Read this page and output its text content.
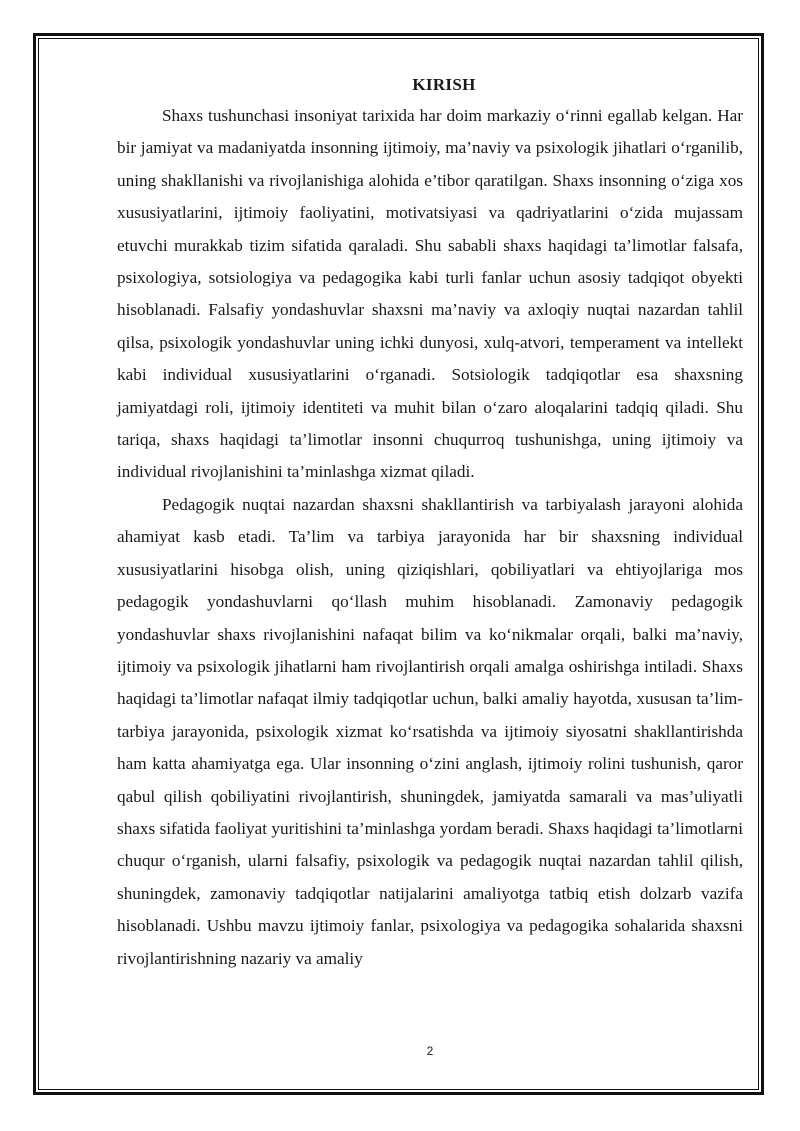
KIRISH

Shaxs tushunchasi insoniyat tarixida har doim markaziy o‘rinni egallab kelgan. Har bir jamiyat va madaniyatda insonning ijtimoiy, ma’naviy va psixologik jihatlari o‘rganilib, uning shakllanishi va rivojlanishiga alohida e’tibor qaratilgan. Shaxs insonning o‘ziga xos xususiyatlarini, ijtimoiy faoliyatini, motivatsiyasi va qadriyatlarini o‘zida mujassam etuvchi murakkab tizim sifatida qaraladi. Shu sababli shaxs haqidagi ta’limotlar falsafa, psixologiya, sotsiologiya va pedagogika kabi turli fanlar uchun asosiy tadqiqot obyekti hisoblanadi. Falsafiy yondashuvlar shaxsni ma’naviy va axloqiy nuqtai nazardan tahlil qilsa, psixologik yondashuvlar uning ichki dunyosi, xulq-atvori, temperament va intellekt kabi individual xususiyatlarini o‘rganadi. Sotsiologik tadqiqotlar esa shaxsning jamiyatdagi roli, ijtimoiy identiteti va muhit bilan o‘zaro aloqalarini tadqiq qiladi. Shu tariqa, shaxs haqidagi ta’limotlar insonni chuqurroq tushunishga, uning ijtimoiy va individual rivojlanishini ta’minlashga xizmat qiladi.

Pedagogik nuqtai nazardan shaxsni shakllantirish va tarbiyalash jarayoni alohida ahamiyat kasb etadi. Ta’lim va tarbiya jarayonida har bir shaxsning individual xususiyatlarini hisobga olish, uning qiziqishlari, qobiliyatlari va ehtiyojlariga mos pedagogik yondashuvlarni qo‘llash muhim hisoblanadi. Zamonaviy pedagogik yondashuvlar shaxs rivojlanishini nafaqat bilim va ko‘nikmalar orqali, balki ma’naviy, ijtimoiy va psixologik jihatlarni ham rivojlantirish orqali amalga oshirishga intiladi. Shaxs haqidagi ta’limotlar nafaqat ilmiy tadqiqotlar uchun, balki amaliy hayotda, xususan ta’lim-tarbiya jarayonida, psixologik xizmat ko‘rsatishda va ijtimoiy siyosatni shakllantirishda ham katta ahamiyatga ega. Ular insonning o‘zini anglash, ijtimoiy rolini tushunish, qaror qabul qilish qobiliyatini rivojlantirish, shuningdek, jamiyatda samarali va mas’uliyatli shaxs sifatida faoliyat yuritishini ta’minlashga yordam beradi. Shaxs haqidagi ta’limotlarni chuqur o‘rganish, ularni falsafiy, psixologik va pedagogik nuqtai nazardan tahlil qilish, shuningdek, zamonaviy tadqiqotlar natijalarini amaliyotga tatbiq etish dolzarb vazifa hisoblanadi. Ushbu mavzu ijtimoiy fanlar, psixologiya va pedagogika sohalarida shaxsni rivojlantirishning nazariy va amaliy

2
